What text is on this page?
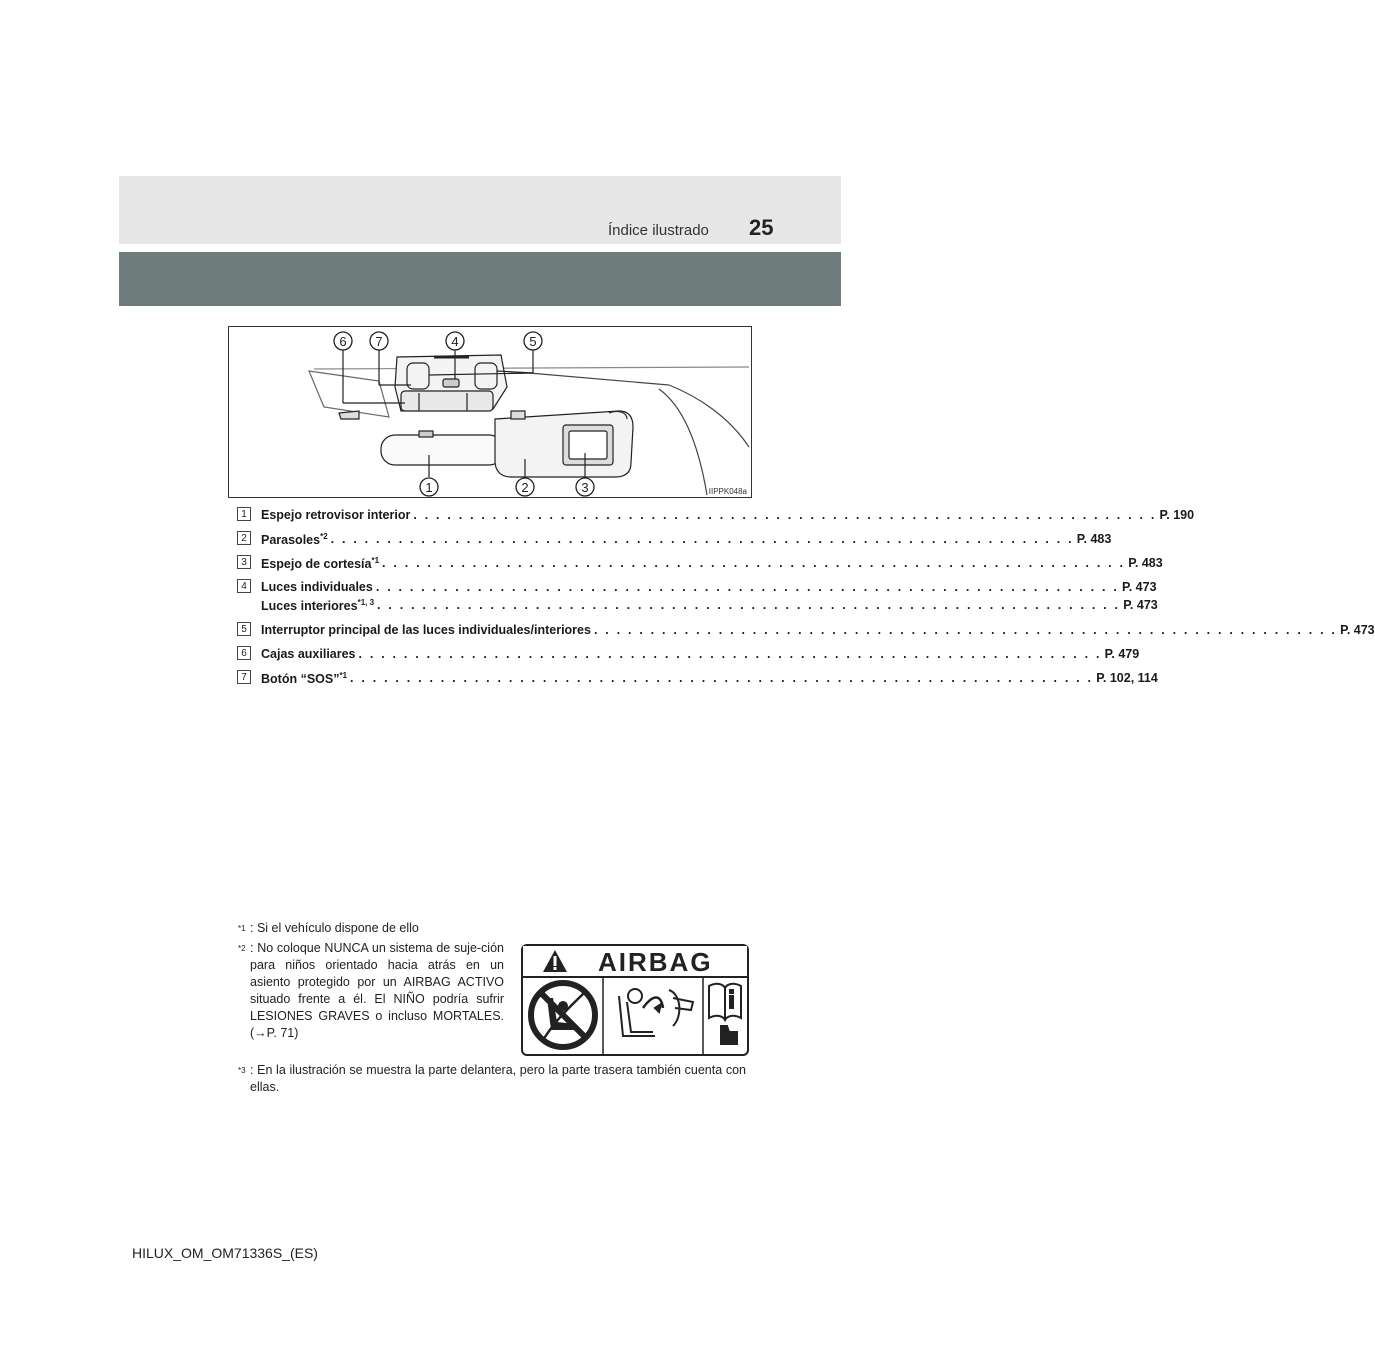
Índice ilustrado 25
6 7	4	5
1	2	3	IIPPK048a
1	Espejo retrovisor interior . . . . . . . . . . . . . . . . . . . . . . . . . . . . . . . . . . . . . . . . . . . . . . . . . . . . . . . . . . . . . . . . . . P. 190
2	Parasoles$^{*2}$ . . . . . . . . . . . . . . . . . . . . . . . . . . . . . . . . . . . . . . . . . . . . . . . . . . . . . . . . . . . . . . . . . . P. 483
3	Espejo de cortesía$^{*1}$ . . . . . . . . . . . . . . . . . . . . . . . . . . . . . . . . . . . . . . . . . . . . . . . . . . . . . . . . . . . . . . . . . . P. 483
4	Luces individuales . . . . . . . . . . . . . . . . . . . . . . . . . . . . . . . . . . . . . . . . . . . . . . . . . . . . . . . . . . . . . . . . . . P. 473
Luces interiores$^{*1, 3}$ . . . . . . . . . . . . . . . . . . . . . . . . . . . . . . . . . . . . . . . . . . . . . . . . . . . . . . . . . . . . . . . . . . P. 473
5	Interruptor principal de las luces individuales/interiores . . . . . . . . . . . . . . . . . . . . . . . . . . . . . . . . . . . . . . . . . . . . . . . . . . . . . . . . . . . . . . . . . . P. 473
6	Cajas auxiliares . . . . . . . . . . . . . . . . . . . . . . . . . . . . . . . . . . . . . . . . . . . . . . . . . . . . . . . . . . . . . . . . . . P. 479
7	Botón “SOS”$^{*1}$ . . . . . . . . . . . . . . . . . . . . . . . . . . . . . . . . . . . . . . . . . . . . . . . . . . . . . . . . . . . . . . . . . . P. 102, 114
$^{*1}$ : Si el vehículo dispone de ello
$^{*2}$ : No coloque NUNCA un sistema de suje-ción para niños orientado hacia atrás en un asiento protegido por un AIRBAG ACTIVO situado frente a él. El NIÑO podría sufrir LESIONES GRAVES o incluso MORTALES. (→P. 71)
$^{*3}$ : En la ilustración se muestra la parte delantera, pero la parte trasera también cuenta con ellas.
AIRBAG
HILUX_OM_OM71336S_(ES)
